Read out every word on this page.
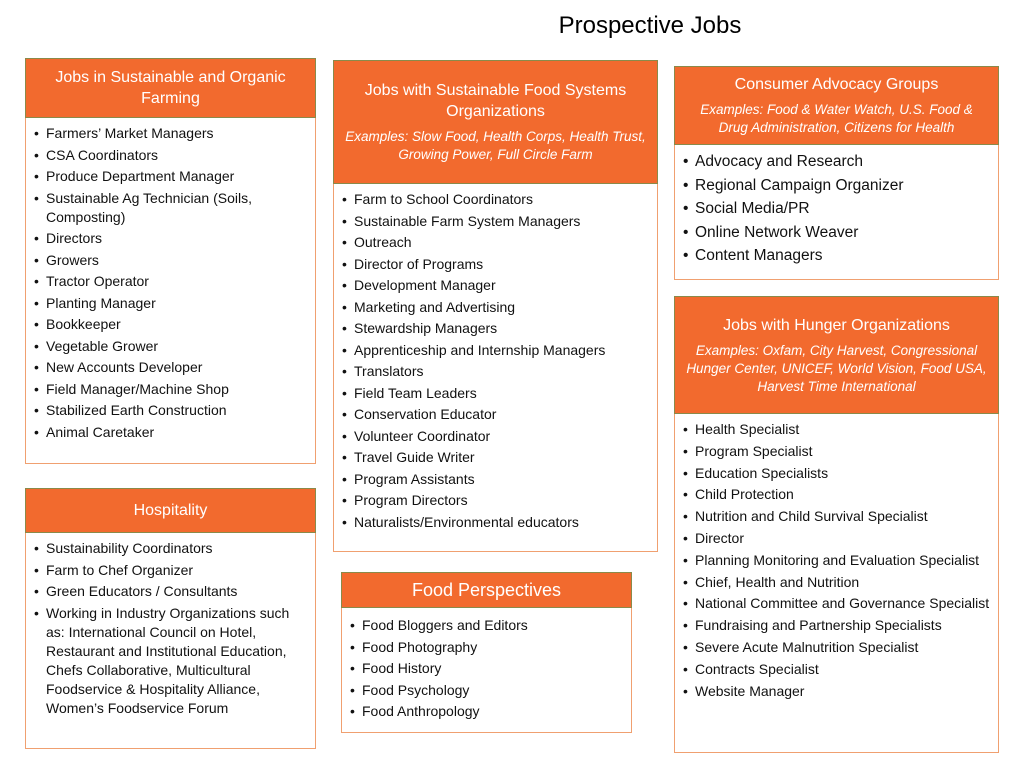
Prospective Jobs
Jobs in Sustainable and Organic Farming
• Farmers’ Market Managers
• CSA Coordinators
• Produce Department Manager
• Sustainable Ag Technician (Soils, Composting)
• Directors
• Growers
• Tractor Operator
• Planting Manager
• Bookkeeper
• Vegetable Grower
• New Accounts Developer
• Field Manager/Machine Shop
• Stabilized Earth Construction
• Animal Caretaker
Jobs with Sustainable Food Systems Organizations
Examples: Slow Food, Health Corps, Health Trust, Growing Power, Full Circle Farm
• Farm to School Coordinators
• Sustainable Farm System Managers
• Outreach
• Director of Programs
• Development Manager
• Marketing and Advertising
• Stewardship Managers
• Apprenticeship and Internship Managers
• Translators
• Field Team Leaders
• Conservation Educator
• Volunteer Coordinator
• Travel Guide Writer
• Program Assistants
• Program Directors
• Naturalists/Environmental educators
Consumer Advocacy Groups
Examples: Food & Water Watch, U.S. Food & Drug Administration, Citizens for Health
• Advocacy and Research
• Regional Campaign Organizer
• Social Media/PR
• Online Network Weaver
• Content Managers
Jobs with Hunger Organizations
Examples: Oxfam, City Harvest, Congressional Hunger Center, UNICEF, World Vision, Food USA, Harvest Time International
• Health Specialist
• Program Specialist
• Education Specialists
• Child Protection
• Nutrition and Child Survival Specialist
• Director
• Planning Monitoring and Evaluation Specialist
• Chief, Health and Nutrition
• National Committee and Governance Specialist
• Fundraising and Partnership Specialists
• Severe Acute Malnutrition Specialist
• Contracts Specialist
• Website Manager
Hospitality
• Sustainability Coordinators
• Farm to Chef Organizer
• Green Educators / Consultants
• Working in Industry Organizations such as: International Council on Hotel, Restaurant and Institutional Education, Chefs Collaborative, Multicultural Foodservice & Hospitality Alliance, Women’s Foodservice Forum
Food Perspectives
• Food Bloggers and Editors
• Food Photography
• Food History
• Food Psychology
• Food Anthropology
